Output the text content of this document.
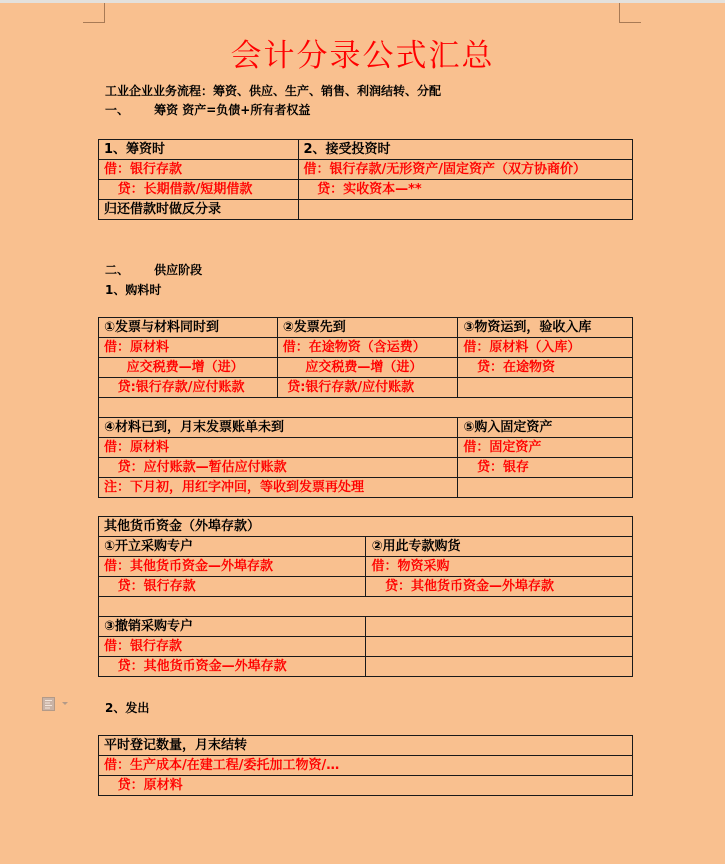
会计分录公式汇总
工业企业业务流程：筹资、供应、生产、销售、利润结转、分配
一、      筹资 资产=负债+所有者权益
1、筹资时	2、接受投资时
借：银行存款	借：银行存款/无形资产/固定资产（双方协商价）
贷：长期借款/短期借款	贷：实收资本—**
归还借款时做反分录	
二、      供应阶段
1、购料时
①发票与材料同时到	②发票先到	③物资运到，验收入库
借：原材料	借：在途物资（含运费）	借：原材料（入库）
应交税费—增（进）	应交税费—增（进）	贷：在途物资
贷:银行存款/应付账款	贷:银行存款/应付账款	

④材料已到，月末发票账单未到		⑤购入固定资产
借：原材料		借：固定资产
贷：应付账款—暂估应付账款		贷：银存
注：下月初，用红字冲回，等收到发票再处理		
其他货币资金（外埠存款）	
①开立采购专户	②用此专款购货
借：其他货币资金—外埠存款	借：物资采购
贷：银行存款	贷：其他货币资金—外埠存款

③撤销采购专户	
借：银行存款	
贷：其他货币资金—外埠存款	
2、发出
平时登记数量，月末结转
借：生产成本/在建工程/委托加工物资/…
贷：原材料
